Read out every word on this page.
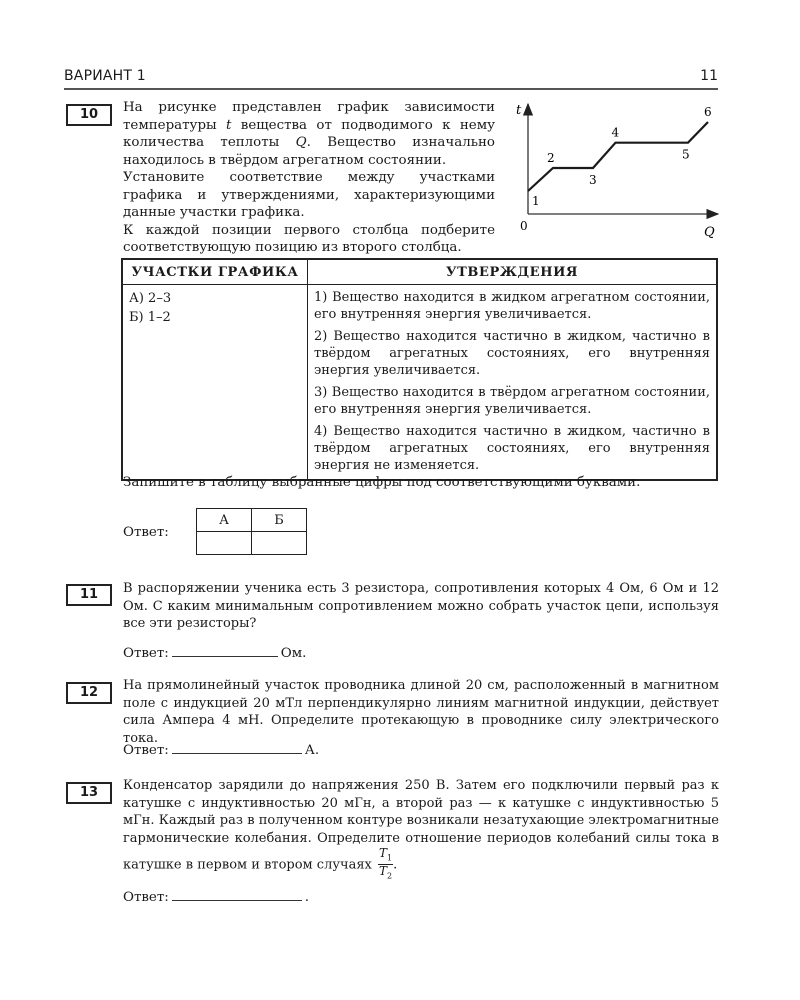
ВАРИАНТ 1	11
10	На рисунке представлен график зависимости температуры t вещества от подводимого к нему количества теплоты Q. Вещество изначально находилось в твёрдом агрегатном состоянии.

Установите соответствие между участками графика и утверждениями, характеризующими данные участки графика.

К каждой позиции первого столбца подберите соответствующую позицию из второго столбца.

t
Q
0
1
2
3
4
5
6
УЧАСТКИ ГРАФИКА	УТВЕРЖДЕНИЯ

А) 2–3
Б) 1–2

1) Вещество находится в жидком агрегатном состоянии, его внутренняя энергия увеличивается.
2) Вещество находится частично в жидком, частично в твёрдом агрегатных состояниях, его внутренняя энергия увеличивается.
3) Вещество находится в твёрдом агрегатном состоянии, его внутренняя энергия увеличивается.
4) Вещество находится частично в жидком, частично в твёрдом агрегатных состояниях, его внутренняя энергия не изменяется.
Запишите в таблицу выбранные цифры под соответствующими буквами.
Ответ:
А	Б

11	В распоряжении ученика есть 3 резистора, сопротивления которых 4 Ом, 6 Ом и 12 Ом. С каким минимальным сопротивлением можно собрать участок цепи, используя все эти резисторы?
Ответ:	Ом.
12	На прямолинейный участок проводника длиной 20 см, расположенный в магнитном поле с индукцией 20 мТл перпендикулярно линиям магнитной индукции, действует сила Ампера 4 мН. Определите протекающую в проводнике силу электрического тока.
Ответ:	А.
13	Конденсатор зарядили до напряжения 250 В. Затем его подключили первый раз к катушке с индуктивностью 20 мГн, а второй раз — к катушке с индуктивностью 5 мГн. Каждый раз в полученном контуре возникали незатухающие электромагнитные гармонические колебания. Определите отношение периодов колебаний силы тока в катушке в первом и втором случаях $\frac{T_1}{T_2}$ .
Ответ:	.
